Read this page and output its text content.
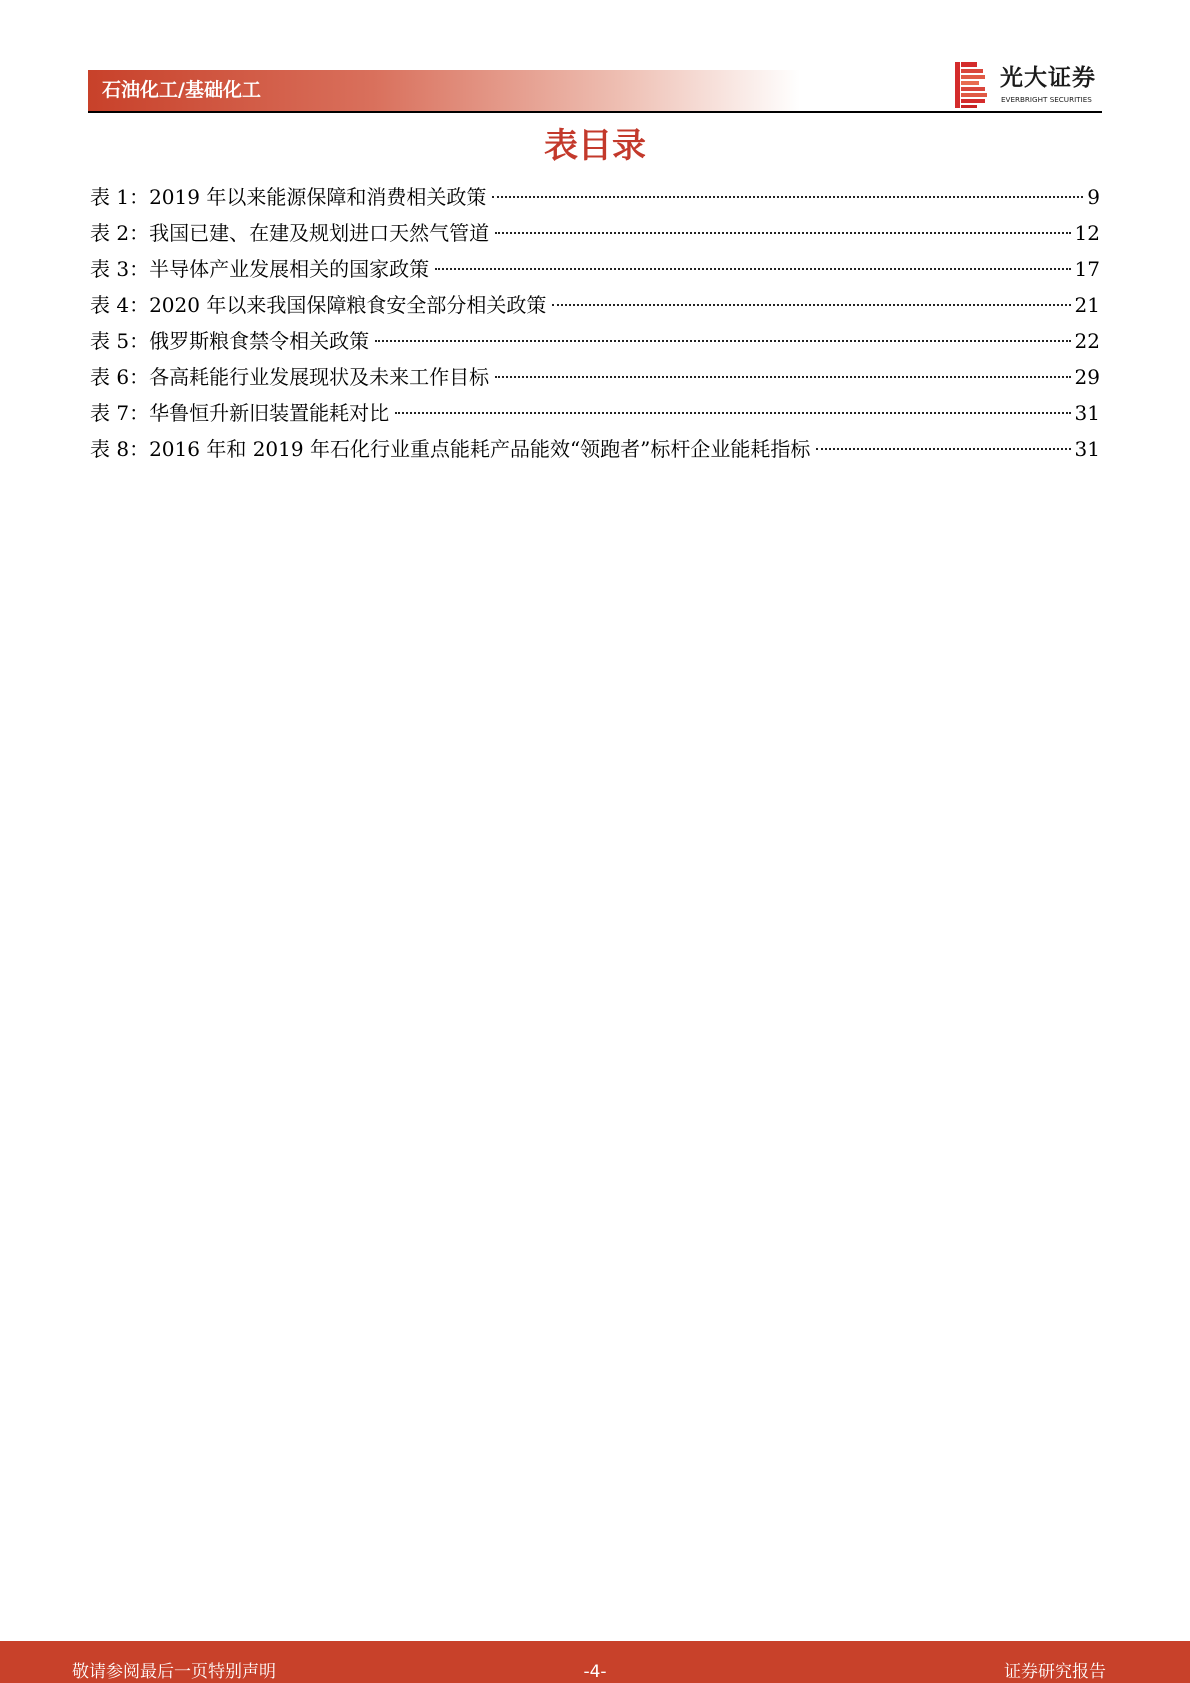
石油化工/基础化工	光大证券
EVERBRIGHT SECURITIES
表目录
表 1：2019 年以来能源保障和消费相关政策	9
表 2：我国已建、在建及规划进口天然气管道	12
表 3：半导体产业发展相关的国家政策	17
表 4：2020 年以来我国保障粮食安全部分相关政策	21
表 5：俄罗斯粮食禁令相关政策	22
表 6：各高耗能行业发展现状及未来工作目标	29
表 7：华鲁恒升新旧装置能耗对比	31
表 8：2016 年和 2019 年石化行业重点能耗产品能效“领跑者”标杆企业能耗指标	31
敬请参阅最后一页特别声明	-4-	证券研究报告
